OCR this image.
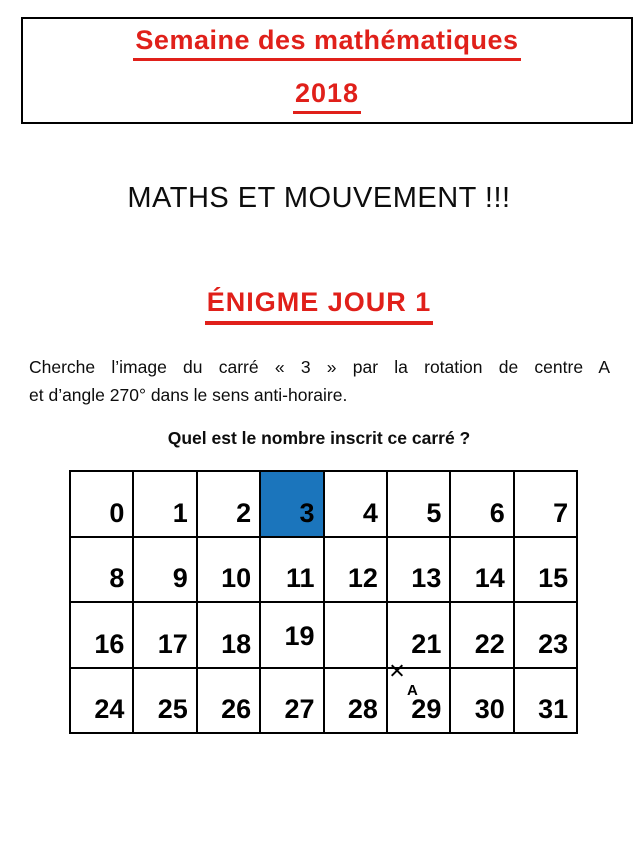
Semaine des mathématiques
2018
MATHS ET MOUVEMENT !!!
ÉNIGME JOUR 1
Cherche l’image du carré « 3 » par la rotation de centre A
et d’angle 270° dans le sens anti-horaire.
Quel est le nombre inscrit ce carré ?
0	1	2	3	4	5	6	7

8	9	10	11	12	13	14	15

16	17	18	19		21	22	23

24	25	26	27	28	29	30	31
×
A
